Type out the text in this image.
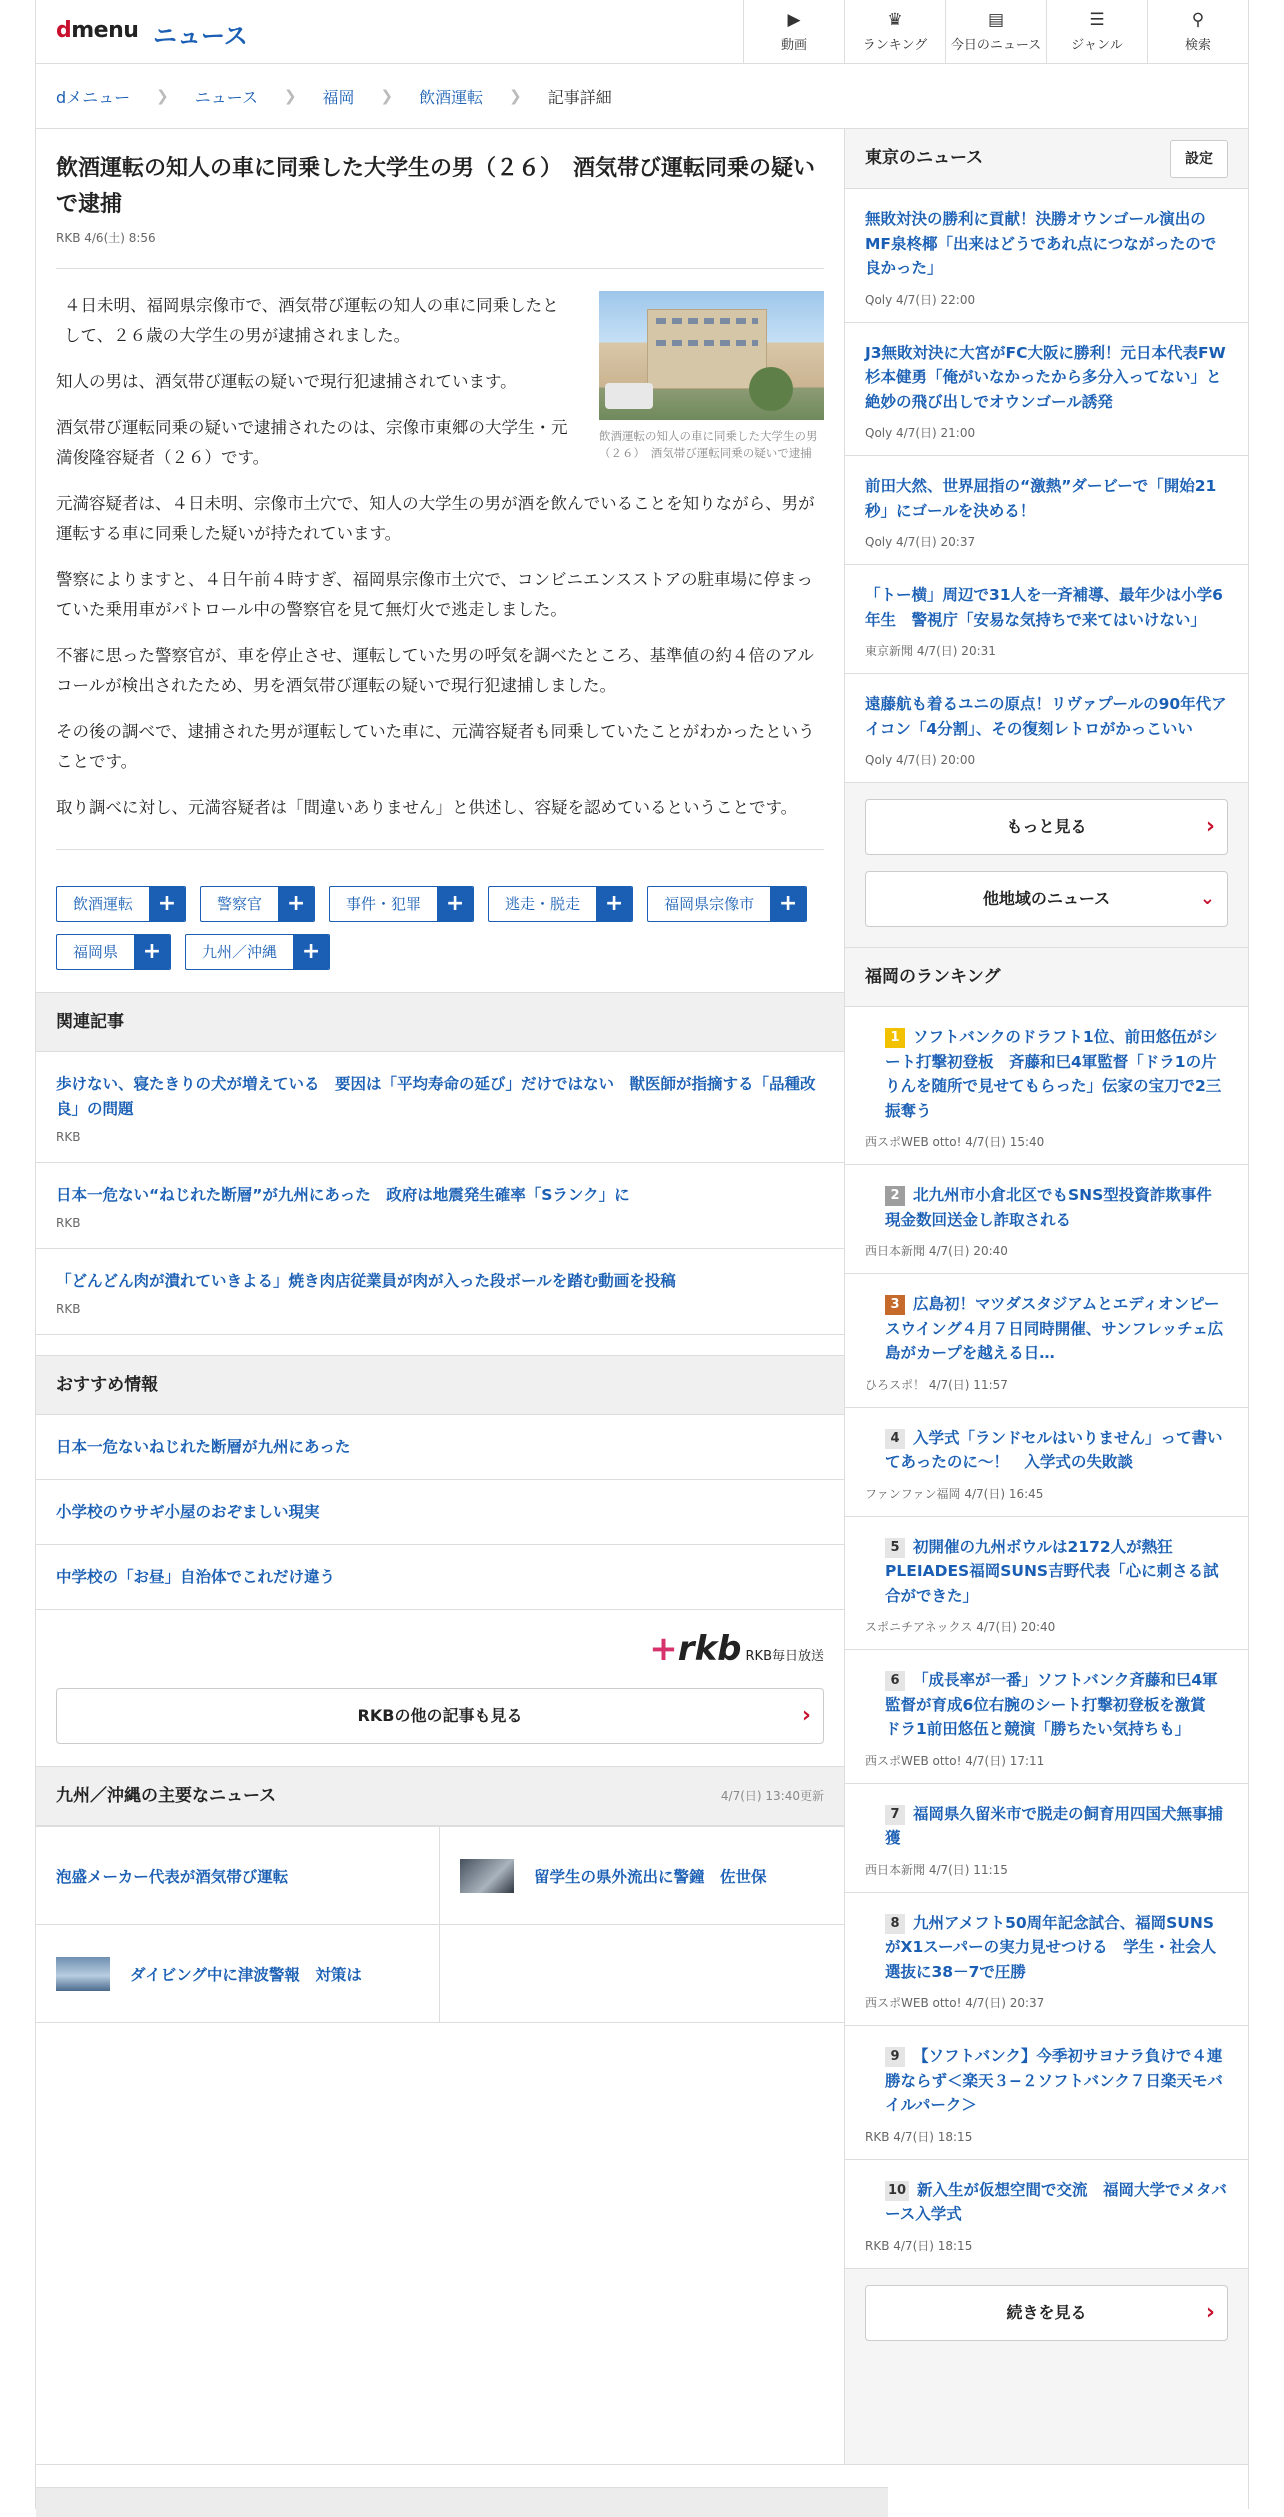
dmenu ニュース
▶
動画
♛
ランキング
▤
今日のニュース
☰
ジャンル
⚲
検索
dメニュー ❯ ニュース ❯ 福岡 ❯ 飲酒運転 ❯ 記事詳細
飲酒運転の知人の車に同乗した大学生の男（２６）　酒気帯び運転同乗の疑いで逮捕
RKB 4/6(土) 8:56
飲酒運転の知人の車に同乗した大学生の男（２６）　酒気帯び運転同乗の疑いで逮捕

４日未明、福岡県宗像市で、酒気帯び運転の知人の車に同乗したとして、２６歳の大学生の男が逮捕されました。

知人の男は、酒気帯び運転の疑いで現行犯逮捕されています。

酒気帯び運転同乗の疑いで逮捕されたのは、宗像市東郷の大学生・元満俊隆容疑者（２６）です。

元満容疑者は、４日未明、宗像市土穴で、知人の大学生の男が酒を飲んでいることを知りながら、男が運転する車に同乗した疑いが持たれています。

警察によりますと、４日午前４時すぎ、福岡県宗像市土穴で、コンビニエンスストアの駐車場に停まっていた乗用車がパトロール中の警察官を見て無灯火で逃走しました。

不審に思った警察官が、車を停止させ、運転していた男の呼気を調べたところ、基準値の約４倍のアルコールが検出されたため、男を酒気帯び運転の疑いで現行犯逮捕しました。

その後の調べで、逮捕された男が運転していた車に、元満容疑者も同乗していたことがわかったということです。

取り調べに対し、元満容疑者は「間違いありません」と供述し、容疑を認めているということです。

飲酒運転	+	警察官	+	事件・犯罪	+	逃走・脱走	+	福岡県宗像市	+
福岡県	+	九州／沖縄	+
関連記事
歩けない、寝たきりの犬が増えている　要因は「平均寿命の延び」だけではない　獣医師が指摘する「品種改良」の問題
RKB
日本一危ない“ねじれた断層”が九州にあった　政府は地震発生確率「Sランク」に
RKB
「どんどん肉が潰れていきよる」焼き肉店従業員が肉が入った段ボールを踏む動画を投稿
RKB
おすすめ情報
日本一危ないねじれた断層が九州にあった
小学校のウサギ小屋のおぞましい現実
中学校の「お昼」自治体でこれだけ違う
+rkb RKB毎日放送
RKBの他の記事も見る	›
九州／沖縄の主要なニュース	4/7(日) 13:40更新
泡盛メーカー代表が酒気帯び運転	留学生の県外流出に警鐘　佐世保
ダイビング中に津波警報　対策は
東京のニュース	設定
無敗対決の勝利に貢献！決勝オウンゴール演出のMF泉柊椰「出来はどうであれ点につながったので良かった」
Qoly 4/7(日) 22:00
J3無敗対決に大宮がFC大阪に勝利！元日本代表FW杉本健勇「俺がいなかったから多分入ってない」と絶妙の飛び出しでオウンゴール誘発
Qoly 4/7(日) 21:00
前田大然、世界屈指の“激熱”ダービーで「開始21秒」にゴールを決める！
Qoly 4/7(日) 20:37
「トー横」周辺で31人を一斉補導、最年少は小学6年生　警視庁「安易な気持ちで来てはいけない」
東京新聞 4/7(日) 20:31
遠藤航も着るユニの原点！リヴァプールの90年代アイコン「4分割」、その復刻レトロがかっこいい
Qoly 4/7(日) 20:00
もっと見る	›
他地域のニュース	⌄
福岡のランキング
1 ソフトバンクのドラフト1位、前田悠伍がシート打撃初登板　斉藤和巳4軍監督「ドラ1の片りんを随所で見せてもらった」伝家の宝刀で2三振奪う
西スポWEB otto! 4/7(日) 15:40
2 北九州市小倉北区でもSNS型投資詐欺事件　現金数回送金し詐取される
西日本新聞 4/7(日) 20:40
3 広島初！マツダスタジアムとエディオンピースウイング４月７日同時開催、サンフレッチェ広島がカープを越える日…
ひろスポ！ 4/7(日) 11:57
4 入学式「ランドセルはいりません」って書いてあったのに～！　入学式の失敗談
ファンファン福岡 4/7(日) 16:45
5 初開催の九州ボウルは2172人が熱狂　PLEIADES福岡SUNS吉野代表「心に刺さる試合ができた」
スポニチアネックス 4/7(日) 20:40
6 「成長率が一番」ソフトバンク斉藤和巳4軍監督が育成6位右腕のシート打撃初登板を激賞　ドラ1前田悠伍と競演「勝ちたい気持ちも」
西スポWEB otto! 4/7(日) 17:11
7 福岡県久留米市で脱走の飼育用四国犬無事捕獲
西日本新聞 4/7(日) 11:15
8 九州アメフト50周年記念試合、福岡SUNSがX1スーパーの実力見せつける　学生・社会人選抜に38－7で圧勝
西スポWEB otto! 4/7(日) 20:37
9 【ソフトバンク】今季初サヨナラ負けで４連勝ならず＜楽天３−２ソフトバンク７日楽天モバイルパーク＞
RKB 4/7(日) 18:15
10 新入生が仮想空間で交流　福岡大学でメタバース入学式
RKB 4/7(日) 18:15
続きを見る	›
